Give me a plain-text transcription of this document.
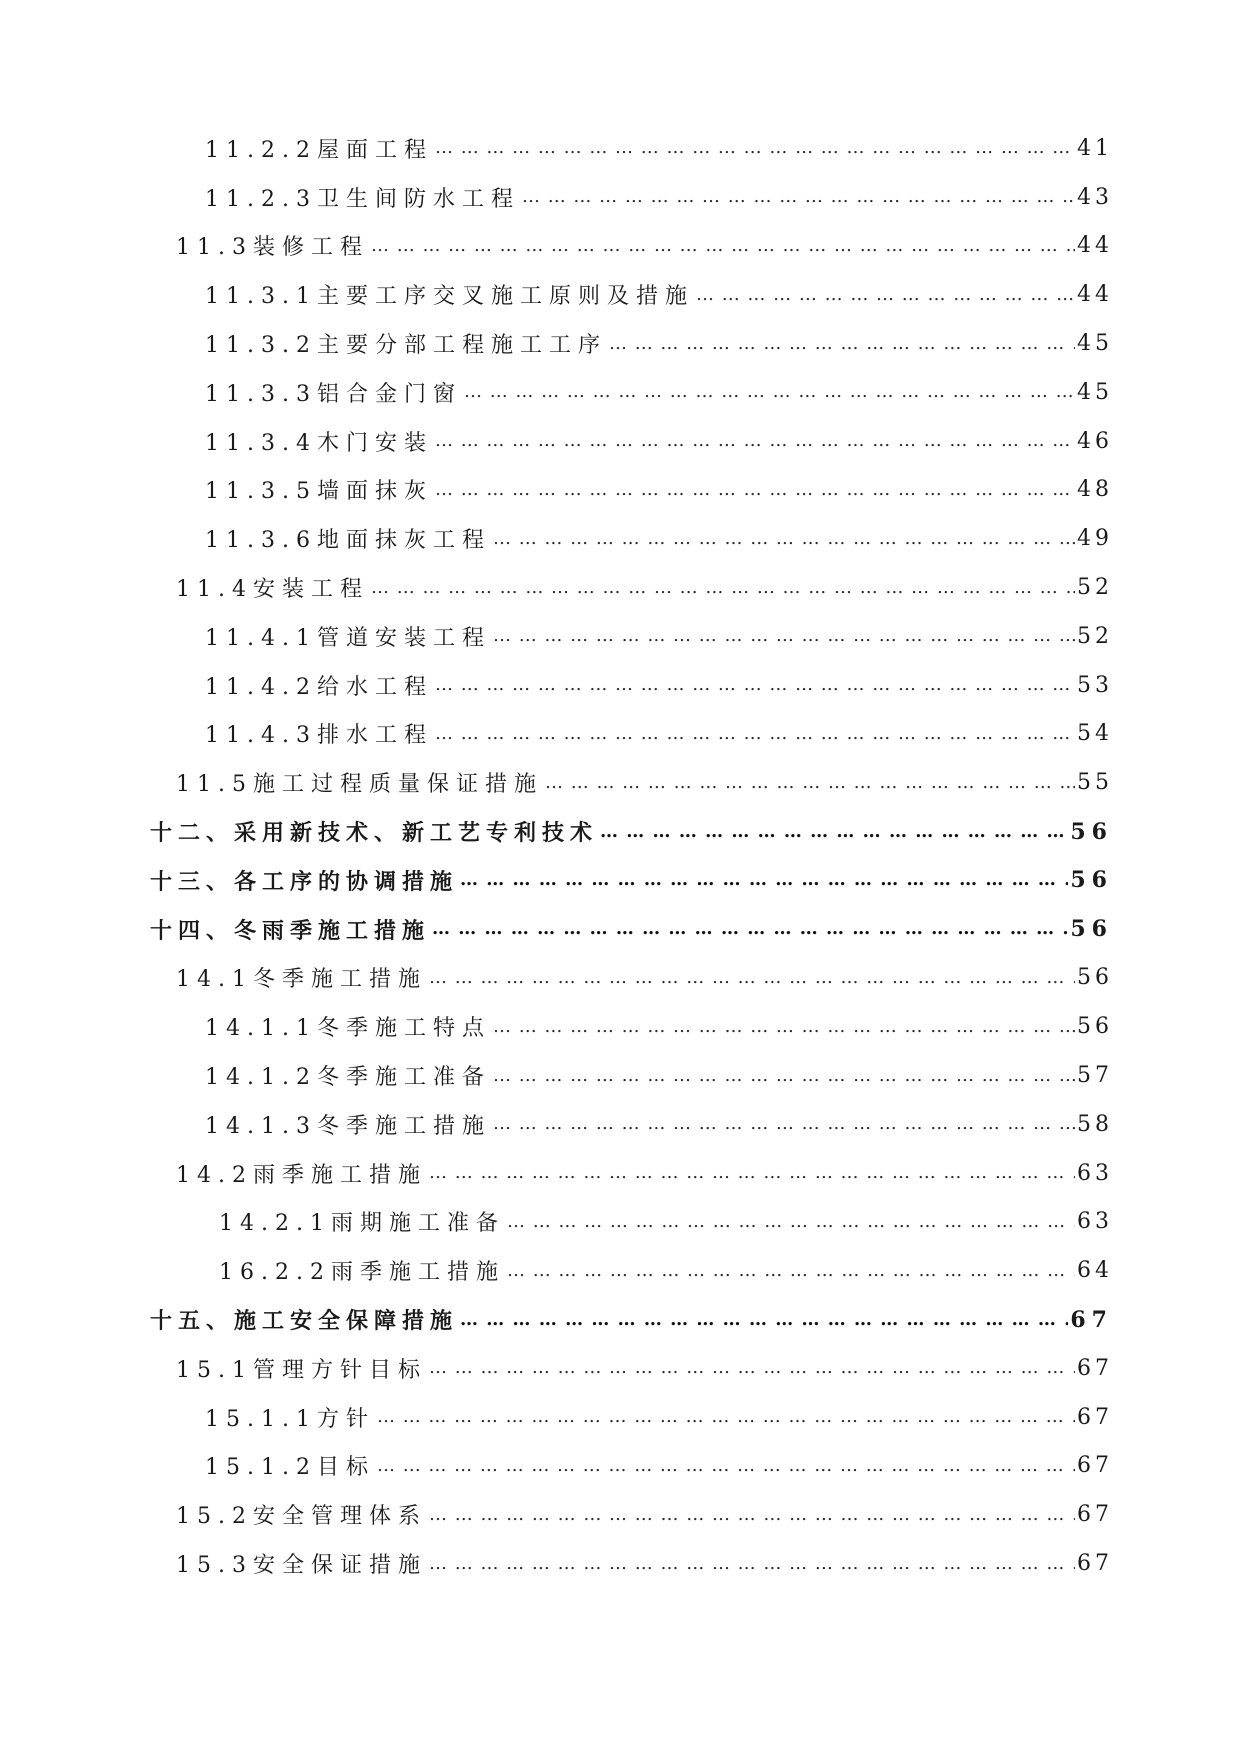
11.2.2屋面工程 … … … … … … … … … … … … … … … … … … … … … … … … … … … … … … … … … … … … … … … … … … … … … … … … … … … … … … … … …	41
11.2.3卫生间防水工程 … … … … … … … … … … … … … … … … … … … … … … … … … … … … … … … … … … … … … … … … … … … … … … … … … … … … … … … … …	43
11.3装修工程 … … … … … … … … … … … … … … … … … … … … … … … … … … … … … … … … … … … … … … … … … … … … … … … … … … … … … … … … …	44
11.3.1主要工序交叉施工原则及措施 … … … … … … … … … … … … … … … … … … … … … … … … … … … … … … … … … … … … … … … … … … … … … … … … … … … … … … … … …	44
11.3.2主要分部工程施工工序 … … … … … … … … … … … … … … … … … … … … … … … … … … … … … … … … … … … … … … … … … … … … … … … … … … … … … … … … …	45
11.3.3铝合金门窗 … … … … … … … … … … … … … … … … … … … … … … … … … … … … … … … … … … … … … … … … … … … … … … … … … … … … … … … … …	45
11.3.4木门安装 … … … … … … … … … … … … … … … … … … … … … … … … … … … … … … … … … … … … … … … … … … … … … … … … … … … … … … … … …	46
11.3.5墙面抹灰 … … … … … … … … … … … … … … … … … … … … … … … … … … … … … … … … … … … … … … … … … … … … … … … … … … … … … … … … …	48
11.3.6地面抹灰工程 … … … … … … … … … … … … … … … … … … … … … … … … … … … … … … … … … … … … … … … … … … … … … … … … … … … … … … … … …	49
11.4安装工程 … … … … … … … … … … … … … … … … … … … … … … … … … … … … … … … … … … … … … … … … … … … … … … … … … … … … … … … … …	52
11.4.1管道安装工程 … … … … … … … … … … … … … … … … … … … … … … … … … … … … … … … … … … … … … … … … … … … … … … … … … … … … … … … … …	52
11.4.2给水工程 … … … … … … … … … … … … … … … … … … … … … … … … … … … … … … … … … … … … … … … … … … … … … … … … … … … … … … … … …	53
11.4.3排水工程 … … … … … … … … … … … … … … … … … … … … … … … … … … … … … … … … … … … … … … … … … … … … … … … … … … … … … … … … …	54
11.5施工过程质量保证措施 … … … … … … … … … … … … … … … … … … … … … … … … … … … … … … … … … … … … … … … … … … … … … … … … … … … … … … … … …	55
十二、采用新技术、新工艺专利技术 … … … … … … … … … … … … … … … … … … … … … … … … … … … … … … … … … … … … … … … … … … … … … … … … … … … … … … … … …	56
十三、各工序的协调措施 … … … … … … … … … … … … … … … … … … … … … … … … … … … … … … … … … … … … … … … … … … … … … … … … … … … … … … … … …	56
十四、冬雨季施工措施 … … … … … … … … … … … … … … … … … … … … … … … … … … … … … … … … … … … … … … … … … … … … … … … … … … … … … … … … …	56
14.1冬季施工措施 … … … … … … … … … … … … … … … … … … … … … … … … … … … … … … … … … … … … … … … … … … … … … … … … … … … … … … … … …	56
14.1.1冬季施工特点 … … … … … … … … … … … … … … … … … … … … … … … … … … … … … … … … … … … … … … … … … … … … … … … … … … … … … … … … …	56
14.1.2冬季施工准备 … … … … … … … … … … … … … … … … … … … … … … … … … … … … … … … … … … … … … … … … … … … … … … … … … … … … … … … … …	57
14.1.3冬季施工措施 … … … … … … … … … … … … … … … … … … … … … … … … … … … … … … … … … … … … … … … … … … … … … … … … … … … … … … … … …	58
14.2雨季施工措施 … … … … … … … … … … … … … … … … … … … … … … … … … … … … … … … … … … … … … … … … … … … … … … … … … … … … … … … … …	63
14.2.1雨期施工准备 … … … … … … … … … … … … … … … … … … … … … … … … … … … … … … … … … … … … … … … … … … … … … … … … … … … … … … … … …	63
16.2.2雨季施工措施 … … … … … … … … … … … … … … … … … … … … … … … … … … … … … … … … … … … … … … … … … … … … … … … … … … … … … … … … …	64
十五、施工安全保障措施 … … … … … … … … … … … … … … … … … … … … … … … … … … … … … … … … … … … … … … … … … … … … … … … … … … … … … … … … …	67
15.1管理方针目标 … … … … … … … … … … … … … … … … … … … … … … … … … … … … … … … … … … … … … … … … … … … … … … … … … … … … … … … … …	67
15.1.1方针 … … … … … … … … … … … … … … … … … … … … … … … … … … … … … … … … … … … … … … … … … … … … … … … … … … … … … … … … …	67
15.1.2目标 … … … … … … … … … … … … … … … … … … … … … … … … … … … … … … … … … … … … … … … … … … … … … … … … … … … … … … … … …	67
15.2安全管理体系 … … … … … … … … … … … … … … … … … … … … … … … … … … … … … … … … … … … … … … … … … … … … … … … … … … … … … … … … …	67
15.3安全保证措施 … … … … … … … … … … … … … … … … … … … … … … … … … … … … … … … … … … … … … … … … … … … … … … … … … … … … … … … … …	67
